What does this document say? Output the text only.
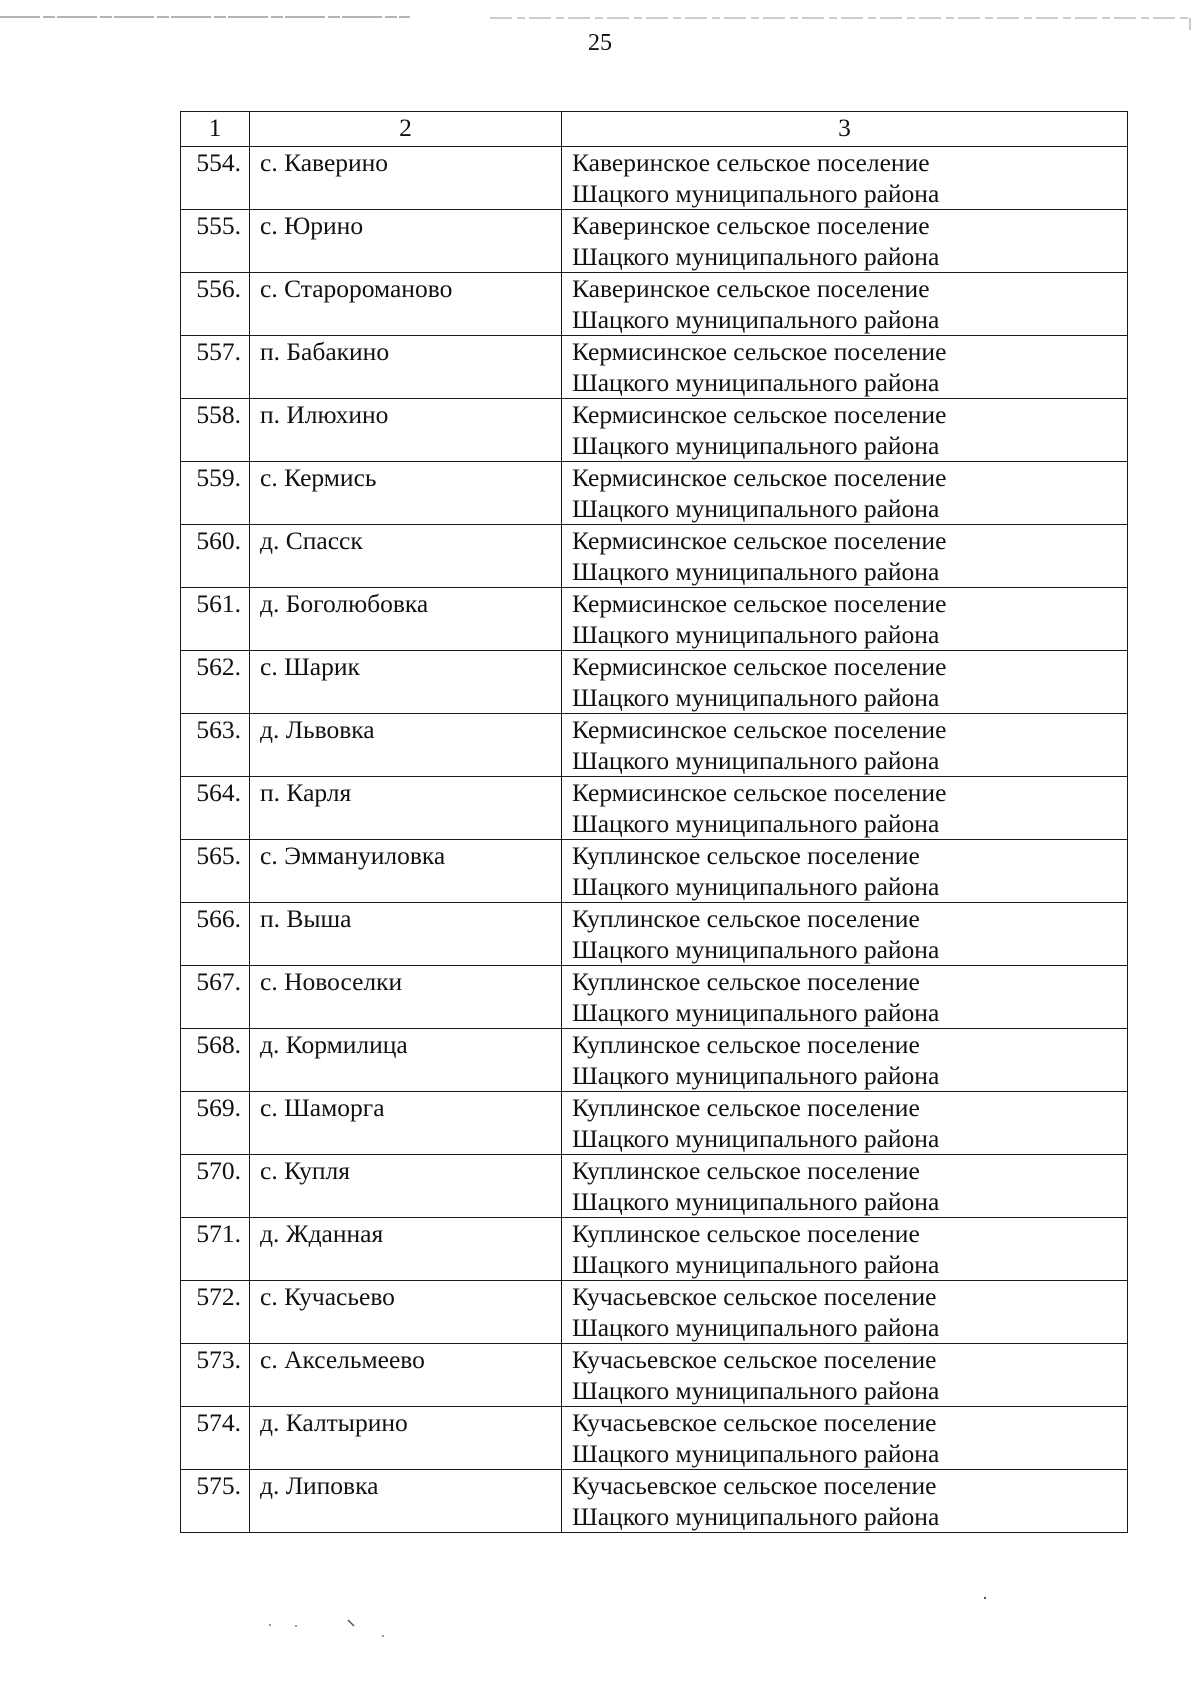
25
1	2	3
554.	с. Каверино	Каверинское сельское поселение
Шацкого муниципального района

555.	с. Юрино	Каверинское сельское поселение
Шацкого муниципального района

556.	с. Старороманово	Каверинское сельское поселение
Шацкого муниципального района

557.	п. Бабакино	Кермисинское сельское поселение
Шацкого муниципального района

558.	п. Илюхино	Кермисинское сельское поселение
Шацкого муниципального района

559.	с. Кермись	Кермисинское сельское поселение
Шацкого муниципального района

560.	д. Спасск	Кермисинское сельское поселение
Шацкого муниципального района

561.	д. Боголюбовка	Кермисинское сельское поселение
Шацкого муниципального района

562.	с. Шарик	Кермисинское сельское поселение
Шацкого муниципального района

563.	д. Львовка	Кермисинское сельское поселение
Шацкого муниципального района

564.	п. Карля	Кермисинское сельское поселение
Шацкого муниципального района

565.	с. Эммануиловка	Куплинское сельское поселение
Шацкого муниципального района

566.	п. Выша	Куплинское сельское поселение
Шацкого муниципального района

567.	с. Новоселки	Куплинское сельское поселение
Шацкого муниципального района

568.	д. Кормилица	Куплинское сельское поселение
Шацкого муниципального района

569.	с. Шаморга	Куплинское сельское поселение
Шацкого муниципального района

570.	с. Купля	Куплинское сельское поселение
Шацкого муниципального района

571.	д. Жданная	Куплинское сельское поселение
Шацкого муниципального района

572.	с. Кучасьево	Кучасьевское сельское поселение
Шацкого муниципального района

573.	с. Аксельмеево	Кучасьевское сельское поселение
Шацкого муниципального района

574.	д. Калтырино	Кучасьевское сельское поселение
Шацкого муниципального района

575.	д. Липовка	Кучасьевское сельское поселение
Шацкого муниципального района
